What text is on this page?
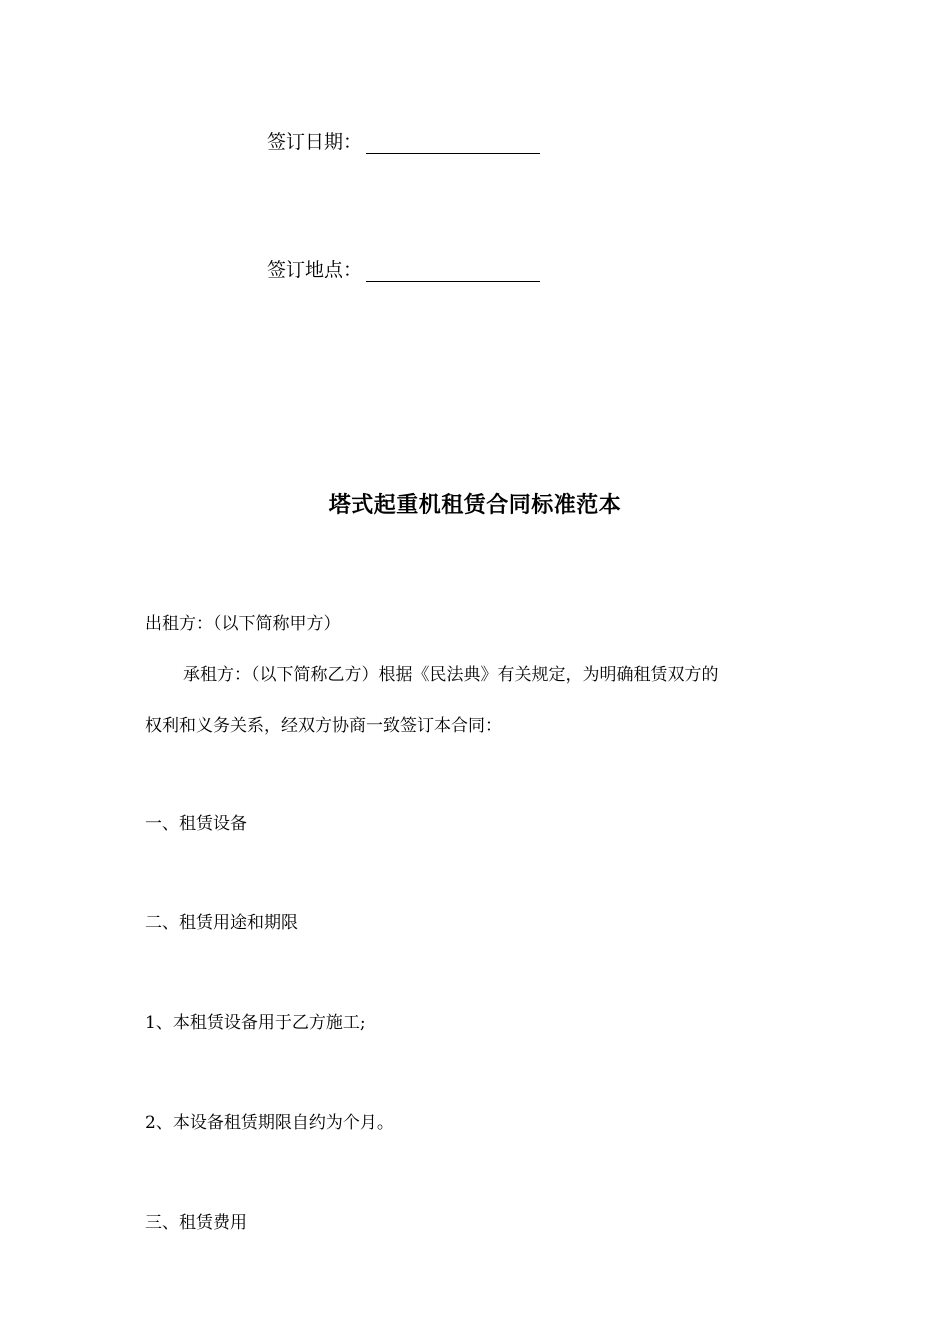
签订日期：
签订地点：
塔式起重机租赁合同标准范本
出租方：（以下简称甲方）
承租方：（以下简称乙方）根据《民法典》有关规定，为明确租赁双方的
权利和义务关系，经双方协商一致签订本合同：
一、租赁设备
二、租赁用途和期限
1、本租赁设备用于乙方施工;
2、本设备租赁期限自约为个月。
三、租赁费用
